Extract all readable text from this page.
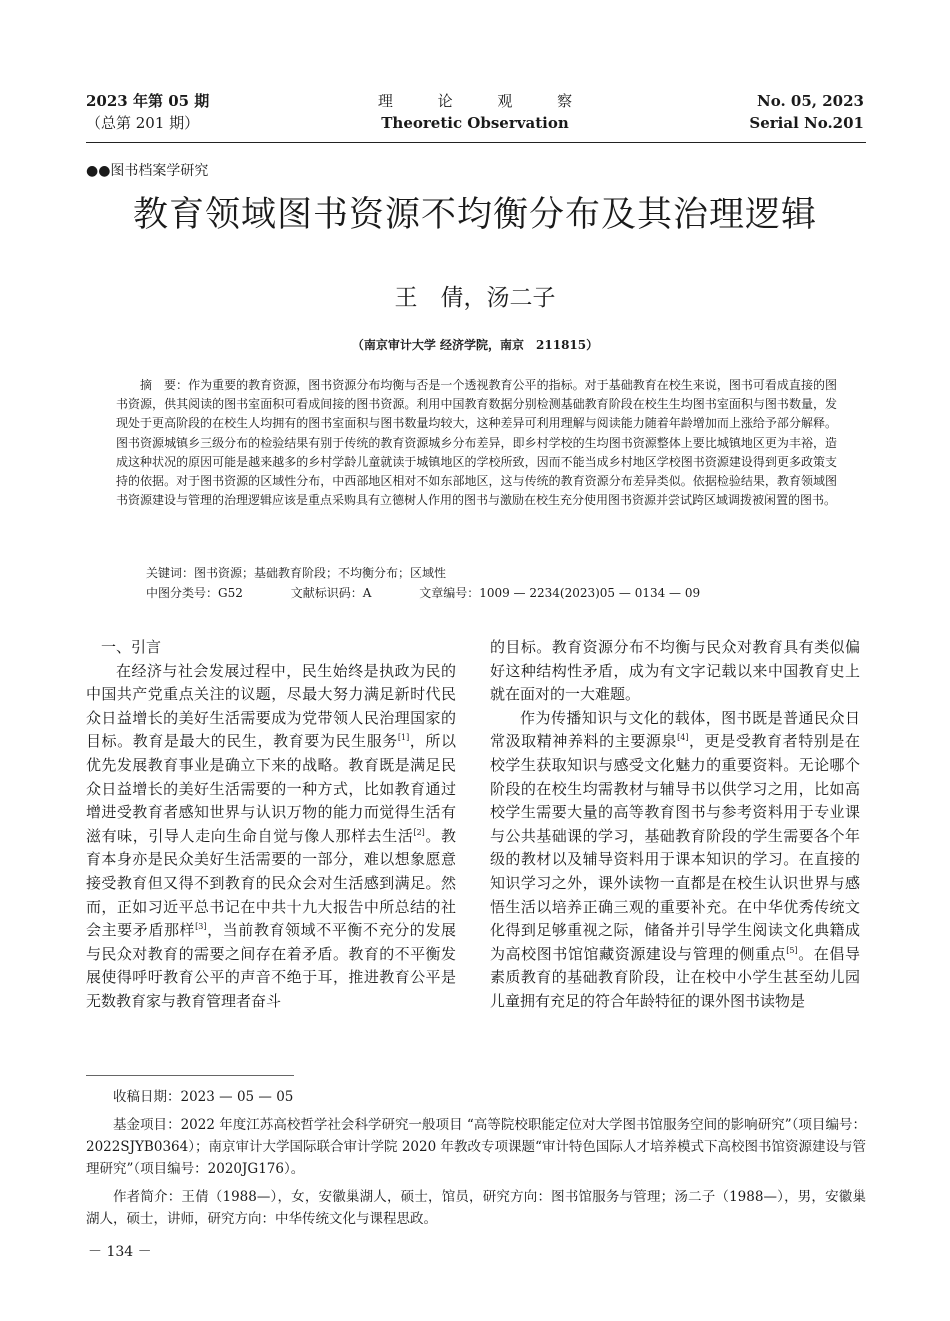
2023 年第 05 期
（总第 201 期）
理 论 观 察
Theoretic Observation
No. 05, 2023
Serial No.201
●●图书档案学研究
教育领域图书资源不均衡分布及其治理逻辑
王　倩，汤二子
（南京审计大学 经济学院，南京　211815）

摘　要：作为重要的教育资源，图书资源分布均衡与否是一个透视教育公平的指标。对于基础教育在校生来说，图书可看成直接的图书资源，供其阅读的图书室面积可看成间接的图书资源。利用中国教育数据分别检测基础教育阶段在校生生均图书室面积与图书数量，发现处于更高阶段的在校生人均拥有的图书室面积与图书数量均较大，这种差异可利用理解与阅读能力随着年龄增加而上涨给予部分解释。图书资源城镇乡三级分布的检验结果有别于传统的教育资源城乡分布差异，即乡村学校的生均图书资源整体上要比城镇地区更为丰裕，造成这种状况的原因可能是越来越多的乡村学龄儿童就读于城镇地区的学校所致，因而不能当成乡村地区学校图书资源建设得到更多政策支持的依据。对于图书资源的区域性分布，中西部地区相对不如东部地区，这与传统的教育资源分布差异类似。依据检验结果，教育领域图书资源建设与管理的治理逻辑应该是重点采购具有立德树人作用的图书与激励在校生充分使用图书资源并尝试跨区域调拨被闲置的图书。

关键词：图书资源；基础教育阶段；不均衡分布；区域性
中图分类号：G52	文献标识码：A	文章编号：1009 — 2234(2023)05 — 0134 — 09

一、引言

在经济与社会发展过程中，民生始终是执政为民的中国共产党重点关注的议题，尽最大努力满足新时代民众日益增长的美好生活需要成为党带领人民治理国家的目标。教育是最大的民生，教育要为民生服务[1]，所以优先发展教育事业是确立下来的战略。教育既是满足民众日益增长的美好生活需要的一种方式，比如教育通过增进受教育者感知世界与认识万物的能力而觉得生活有滋有味，引导人走向生命自觉与像人那样去生活[2]。教育本身亦是民众美好生活需要的一部分，难以想象愿意接受教育但又得不到教育的民众会对生活感到满足。然而，正如习近平总书记在中共十九大报告中所总结的社会主要矛盾那样[3]，当前教育领域不平衡不充分的发展与民众对教育的需要之间存在着矛盾。教育的不平衡发展使得呼吁教育公平的声音不绝于耳，推进教育公平是无数教育家与教育管理者奋斗

的目标。教育资源分布不均衡与民众对教育具有类似偏好这种结构性矛盾，成为有文字记载以来中国教育史上就在面对的一大难题。

作为传播知识与文化的载体，图书既是普通民众日常汲取精神养料的主要源泉[4]，更是受教育者特别是在校学生获取知识与感受文化魅力的重要资料。无论哪个阶段的在校生均需教材与辅导书以供学习之用，比如高校学生需要大量的高等教育图书与参考资料用于专业课与公共基础课的学习，基础教育阶段的学生需要各个年级的教材以及辅导资料用于课本知识的学习。在直接的知识学习之外，课外读物一直都是在校生认识世界与感悟生活以培养正确三观的重要补充。在中华优秀传统文化得到足够重视之际，储备并引导学生阅读文化典籍成为高校图书馆馆藏资源建设与管理的侧重点[5]。在倡导素质教育的基础教育阶段，让在校中小学生甚至幼儿园儿童拥有充足的符合年龄特征的课外图书读物是

收稿日期：2023 — 05 — 05

基金项目：2022 年度江苏高校哲学社会科学研究一般项目 “高等院校职能定位对大学图书馆服务空间的影响研究”（项目编号：2022SJYB0364）；南京审计大学国际联合审计学院 2020 年教改专项课题“审计特色国际人才培养模式下高校图书馆资源建设与管理研究”（项目编号：2020JG176）。

作者简介：王倩（1988—），女，安徽巢湖人，硕士，馆员，研究方向：图书馆服务与管理；汤二子（1988—），男，安徽巢湖人，硕士，讲师，研究方向：中华传统文化与课程思政。

－ 134 －
